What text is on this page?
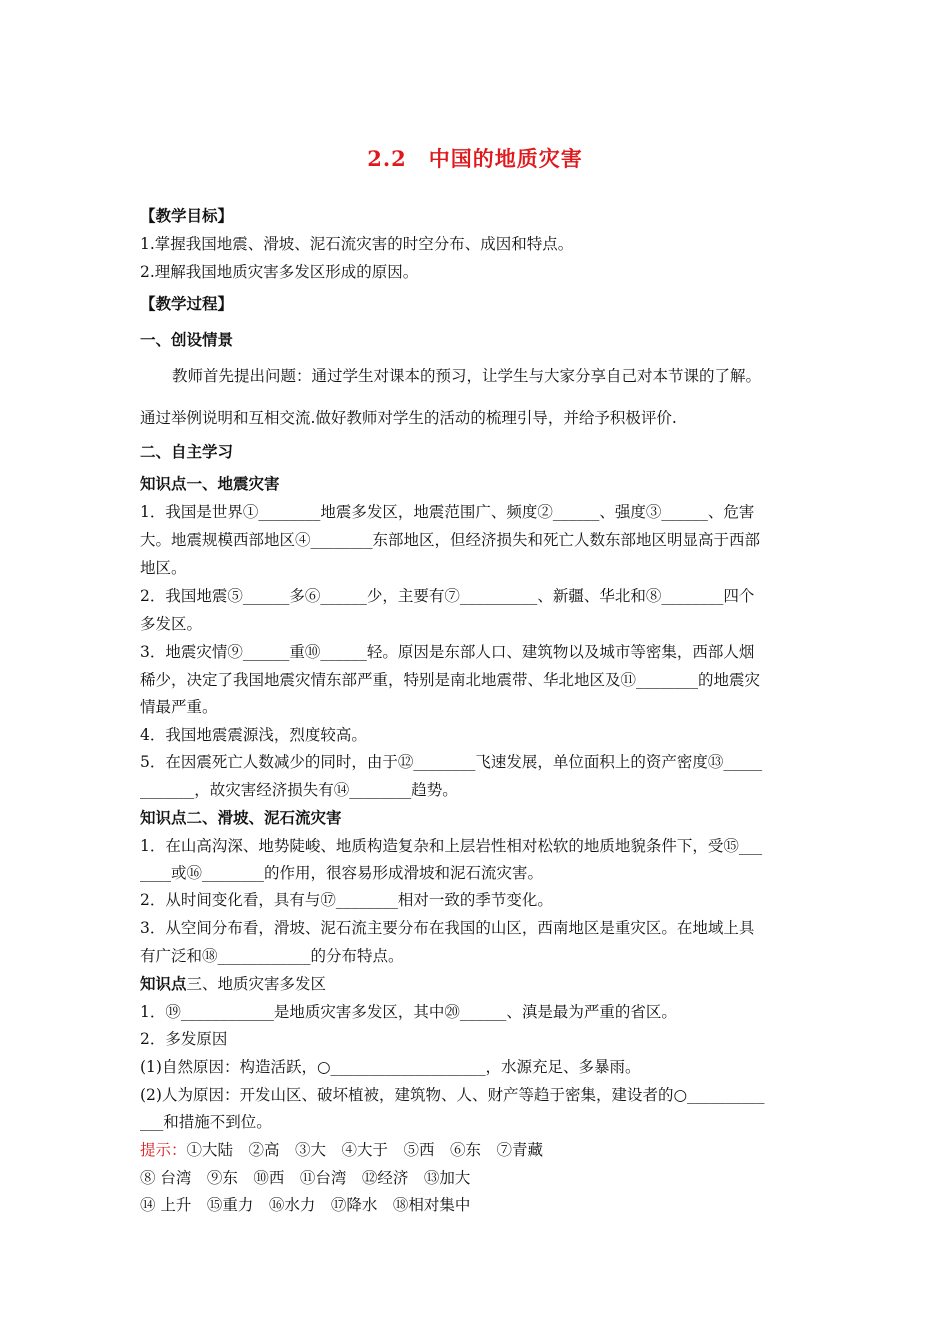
2.2　中国的地质灾害
【教学目标】
1.掌握我国地震、滑坡、泥石流灾害的时空分布、成因和特点。
2.理解我国地质灾害多发区形成的原因。
【教学过程】
一、创设情景
教师首先提出问题：通过学生对课本的预习，让学生与大家分享自己对本节课的了解。
通过举例说明和互相交流.做好教师对学生的活动的梳理引导，并给予积极评价.
二、自主学习
知识点一、地震灾害
1．我国是世界①________地震多发区，地震范围广、频度②______、强度③______、危害
大。地震规模西部地区④________东部地区，但经济损失和死亡人数东部地区明显高于西部
地区。
2．我国地震⑤______多⑥______少，主要有⑦__________、新疆、华北和⑧________四个
多发区。
3．地震灾情⑨______重⑩______轻。原因是东部人口、建筑物以及城市等密集，西部人烟
稀少，决定了我国地震灾情东部严重，特别是南北地震带、华北地区及⑪________的地震灾
情最严重。
4．我国地震震源浅，烈度较高。
5．在因震死亡人数减少的同时，由于⑫________飞速发展，单位面积上的资产密度⑬_____
_______，故灾害经济损失有⑭________趋势。
知识点二、滑坡、泥石流灾害
1．在山高沟深、地势陡峻、地质构造复杂和上层岩性相对松软的地质地貌条件下，受⑮___
____或⑯________的作用，很容易形成滑坡和泥石流灾害。
2．从时间变化看，具有与⑰________相对一致的季节变化。
3．从空间分布看，滑坡、泥石流主要分布在我国的山区，西南地区是重灾区。在地域上具
有广泛和⑱____________的分布特点。
知识点三、地质灾害多发区
1．⑲____________是地质灾害多发区，其中⑳______、滇是最为严重的省区。
2．多发原因
(1)自然原因：构造活跃，○____________________，水源充足、多暴雨。
(2)人为原因：开发山区、破坏植被，建筑物、人、财产等趋于密集，建设者的○__________
___和措施不到位。
提示：①大陆　②高　③大　④大于　⑤西　⑥东　⑦青藏
⑧ 台湾　⑨东　⑩西　⑪台湾　⑫经济　⑬加大
⑭ 上升　⑮重力　⑯水力　⑰降水　⑱相对集中
